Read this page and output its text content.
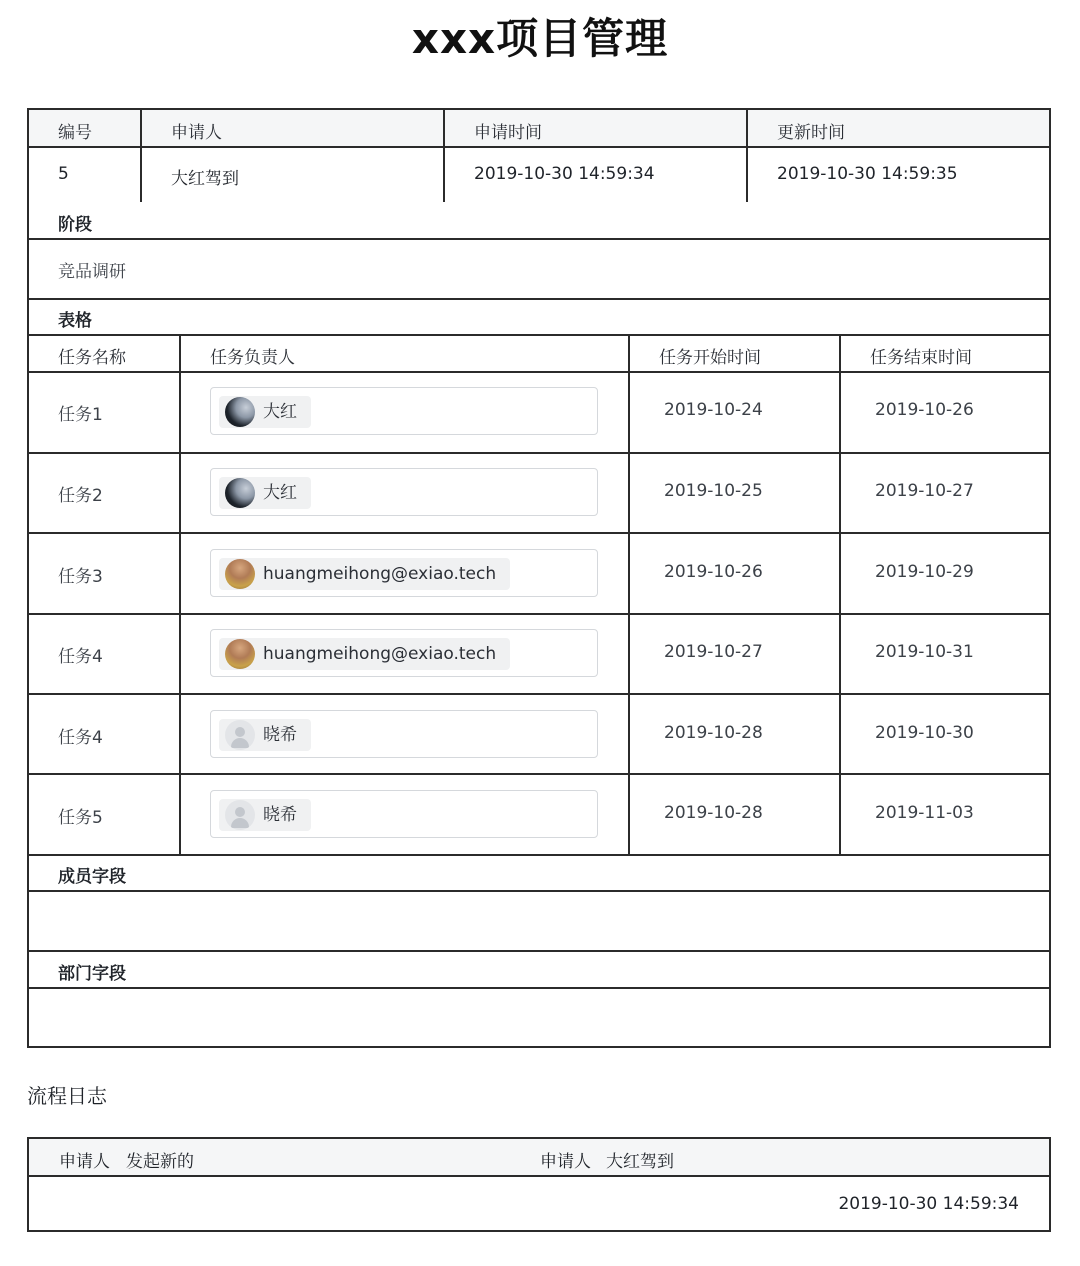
xxx项目管理
编号	申请人	申请时间	更新时间
5	大红驾到	2019-10-30 14:59:34	2019-10-30 14:59:35
阶段
竞品调研
表格
任务名称	任务负责人	任务开始时间	任务结束时间
任务1	大红	2019-10-24	2019-10-26
任务2	大红	2019-10-25	2019-10-27
任务3	huangmeihong@exiao.tech	2019-10-26	2019-10-29
任务4	huangmeihong@exiao.tech	2019-10-27	2019-10-31
任务4	晓希	2019-10-28	2019-10-30
任务5	晓希	2019-10-28	2019-11-03
成员字段
部门字段
流程日志
申请人 发起新的	申请人 大红驾到
2019-10-30 14:59:34
